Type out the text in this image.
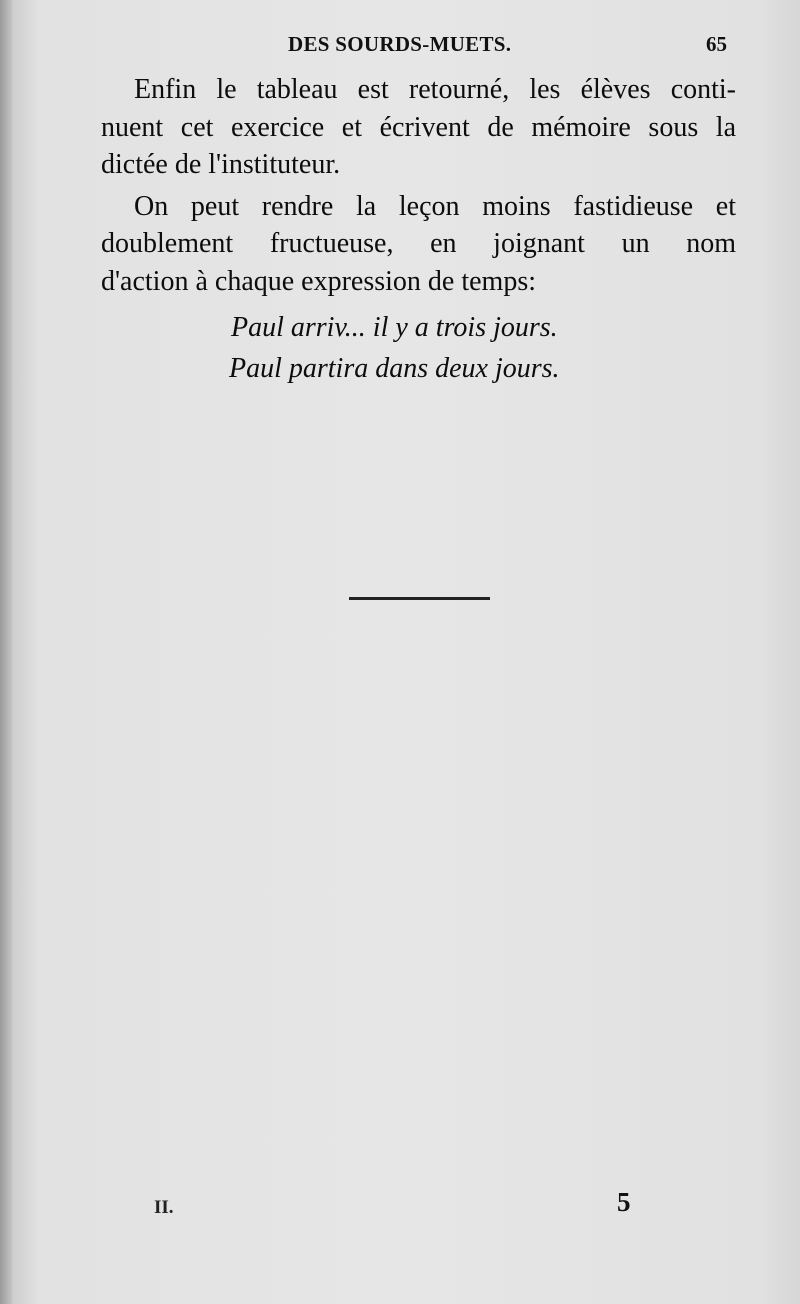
DES SOURDS-MUETS.	65
Enfin le tableau est retourné, les élèves conti-
nuent cet exercice et écrivent de mémoire sous la
dictée de l'instituteur.
On peut rendre la leçon moins fastidieuse et
doublement fructueuse, en joignant un nom
d'action à chaque expression de temps:
Paul arriv... il y a trois jours.
Paul partira dans deux jours.
II.	5
